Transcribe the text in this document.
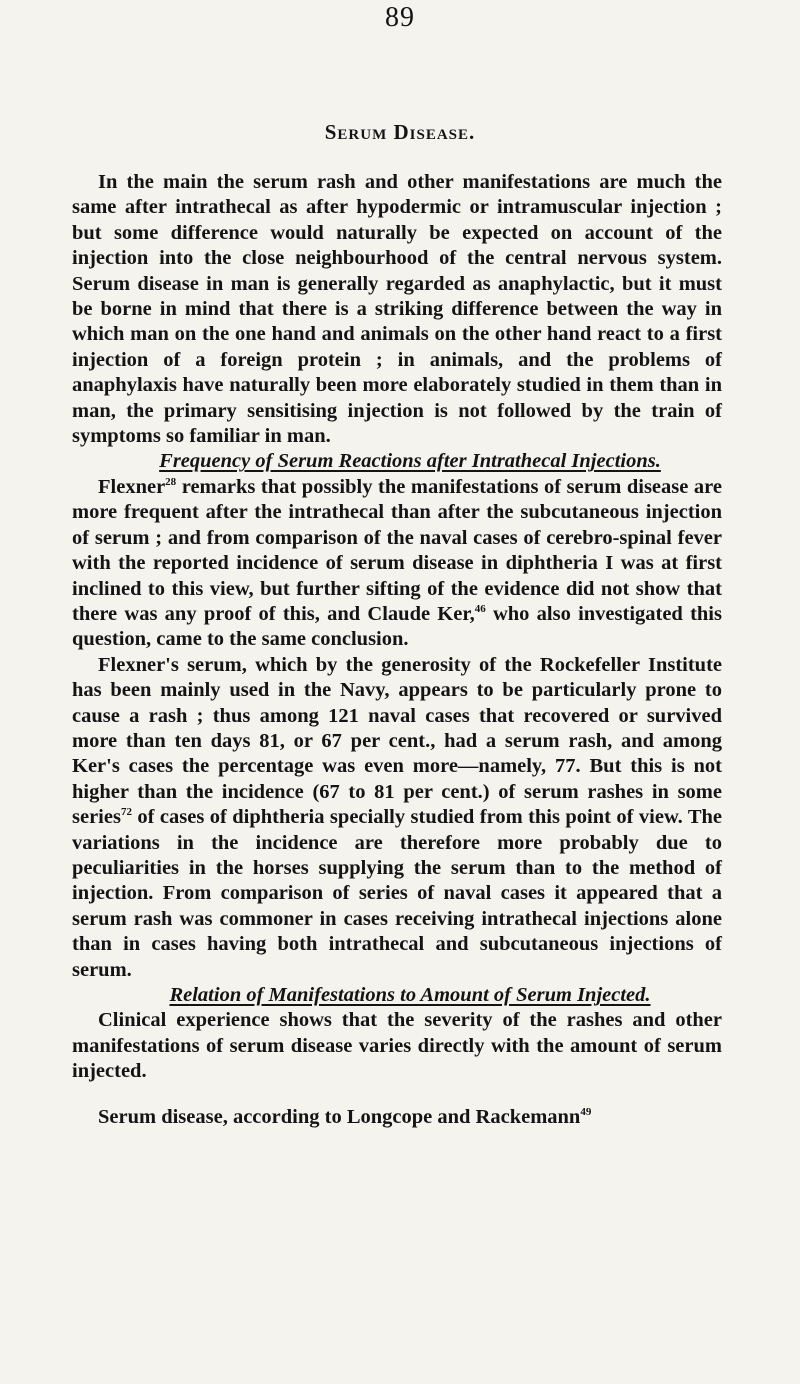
89
Serum Disease.

In the main the serum rash and other manifestations are much the same after intrathecal as after hypodermic or intramuscular injection ; but some difference would naturally be expected on account of the injection into the close neighbourhood of the central nervous system. Serum disease in man is generally regarded as anaphylactic, but it must be borne in mind that there is a striking difference between the way in which man on the one hand and animals on the other hand react to a first injection of a foreign protein ; in animals, and the problems of anaphylaxis have naturally been more elaborately studied in them than in man, the primary sensitising injection is not followed by the train of symptoms so familiar in man.

Frequency of Serum Reactions after Intrathecal Injections.

Flexner$^{28}$ remarks that possibly the manifestations of serum disease are more frequent after the intrathecal than after the subcutaneous injection of serum ; and from comparison of the naval cases of cerebro-spinal fever with the reported incidence of serum disease in diphtheria I was at first inclined to this view, but further sifting of the evidence did not show that there was any proof of this, and Claude Ker,$^{46}$ who also investigated this question, came to the same conclusion.

Flexner's serum, which by the generosity of the Rockefeller Institute has been mainly used in the Navy, appears to be particularly prone to cause a rash ; thus among 121 naval cases that recovered or survived more than ten days 81, or 67 per cent., had a serum rash, and among Ker's cases the percentage was even more—namely, 77. But this is not higher than the incidence (67 to 81 per cent.) of serum rashes in some series$^{72}$ of cases of diphtheria specially studied from this point of view. The variations in the incidence are therefore more probably due to peculiarities in the horses supplying the serum than to the method of injection. From comparison of series of naval cases it appeared that a serum rash was commoner in cases receiving intrathecal injections alone than in cases having both intrathecal and subcutaneous injections of serum.

Relation of Manifestations to Amount of Serum Injected.

Clinical experience shows that the severity of the rashes and other manifestations of serum disease varies directly with the amount of serum injected.

Serum disease, according to Longcope and Rackemann$^{49}$
